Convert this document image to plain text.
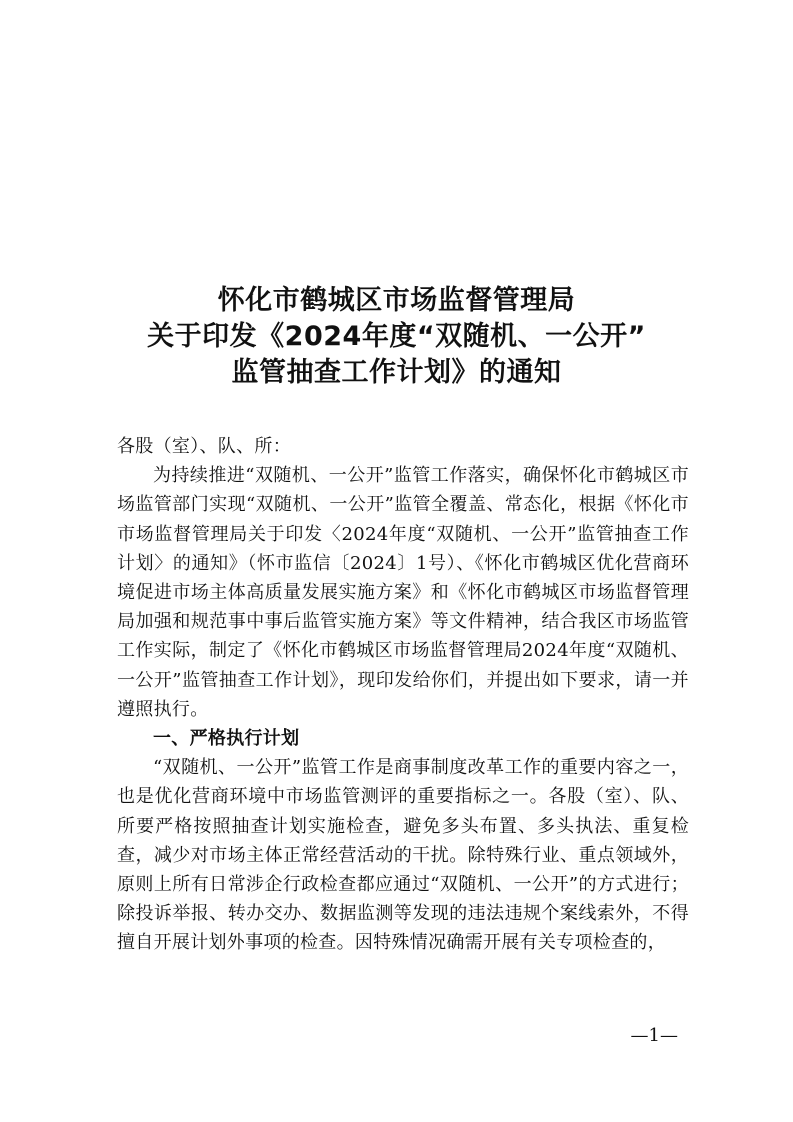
怀化市鹤城区市场监督管理局
关于印发《2024年度“双随机、一公开”
监管抽查工作计划》的通知

各股（室）、队、所：

为持续推进“双随机、一公开”监管工作落实，确保怀化市鹤城区市场监管部门实现“双随机、一公开”监管全覆盖、常态化，根据《怀化市市场监督管理局关于印发〈2024年度“双随机、一公开”监管抽查工作计划〉的通知》（怀市监信〔2024〕1号）、《怀化市鹤城区优化营商环境促进市场主体高质量发展实施方案》和《怀化市鹤城区市场监督管理局加强和规范事中事后监管实施方案》等文件精神，结合我区市场监管工作实际，制定了《怀化市鹤城区市场监督管理局2024年度“双随机、一公开”监管抽查工作计划》，现印发给你们，并提出如下要求，请一并遵照执行。

一、严格执行计划

“双随机、一公开”监管工作是商事制度改革工作的重要内容之一，也是优化营商环境中市场监管测评的重要指标之一。各股（室）、队、所要严格按照抽查计划实施检查，避免多头布置、多头执法、重复检查，减少对市场主体正常经营活动的干扰。除特殊行业、重点领域外，原则上所有日常涉企行政检查都应通过“双随机、一公开”的方式进行；除投诉举报、转办交办、数据监测等发现的违法违规个案线索外，不得擅自开展计划外事项的检查。因特殊情况确需开展有关专项检查的，

—1—
